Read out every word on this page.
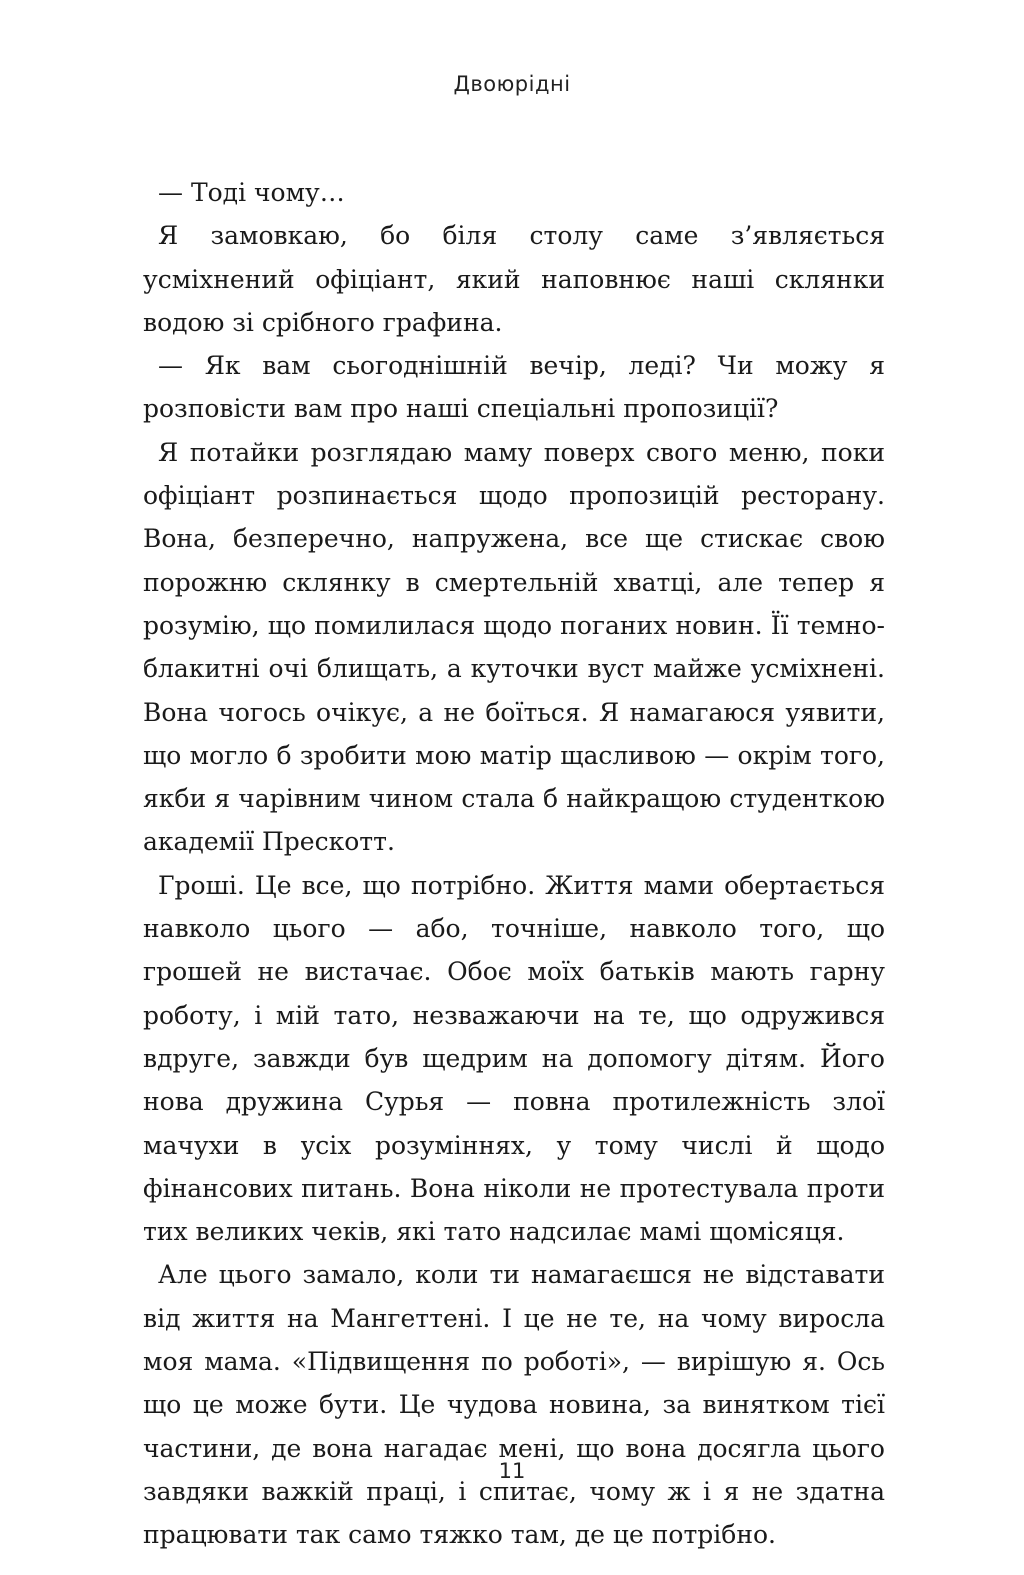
Двоюрідні

— Тоді чому…

Я замовкаю, бо біля столу саме з’являється усміхнений офіціант, який наповнює наші склянки водою зі срібного графина.

— Як вам сьогоднішній вечір, леді? Чи можу я розповісти вам про наші спеціальні пропозиції?

Я потайки розглядаю маму поверх свого меню, поки офіціант розпинається щодо пропозицій ресторану. Вона, безперечно, напружена, все ще стискає свою порожню склянку в смертельній хватці, але тепер я розумію, що помилилася щодо поганих новин. Її темно-блакитні очі блищать, а куточки вуст майже усміхнені. Вона чогось очікує, а не боїться. Я намагаюся уявити, що могло б зробити мою матір щасливою — окрім того, якби я чарівним чином стала б найкращою студенткою академії Прескотт.

Гроші. Це все, що потрібно. Життя мами обертається навколо цього — або, точніше, навколо того, що грошей не вистачає. Обоє моїх батьків мають гарну роботу, і мій тато, незважаючи на те, що одружився вдруге, завжди був щедрим на допомогу дітям. Його нова дружина Сурья — повна протилежність злої мачухи в усіх розуміннях, у тому числі й щодо фінансових питань. Вона ніколи не протестувала проти тих великих чеків, які тато надсилає мамі щомісяця.

Але цього замало, коли ти намагаєшся не відставати від життя на Мангеттені. І це не те, на чому виросла моя мама. «Підвищення по роботі», — вирішую я. Ось що це може бути. Це чудова новина, за винятком тієї частини, де вона нагадає мені, що вона досягла цього завдяки важкій праці, і спитає, чому ж і я не здатна працювати так само тяжко там, де це потрібно.

11
